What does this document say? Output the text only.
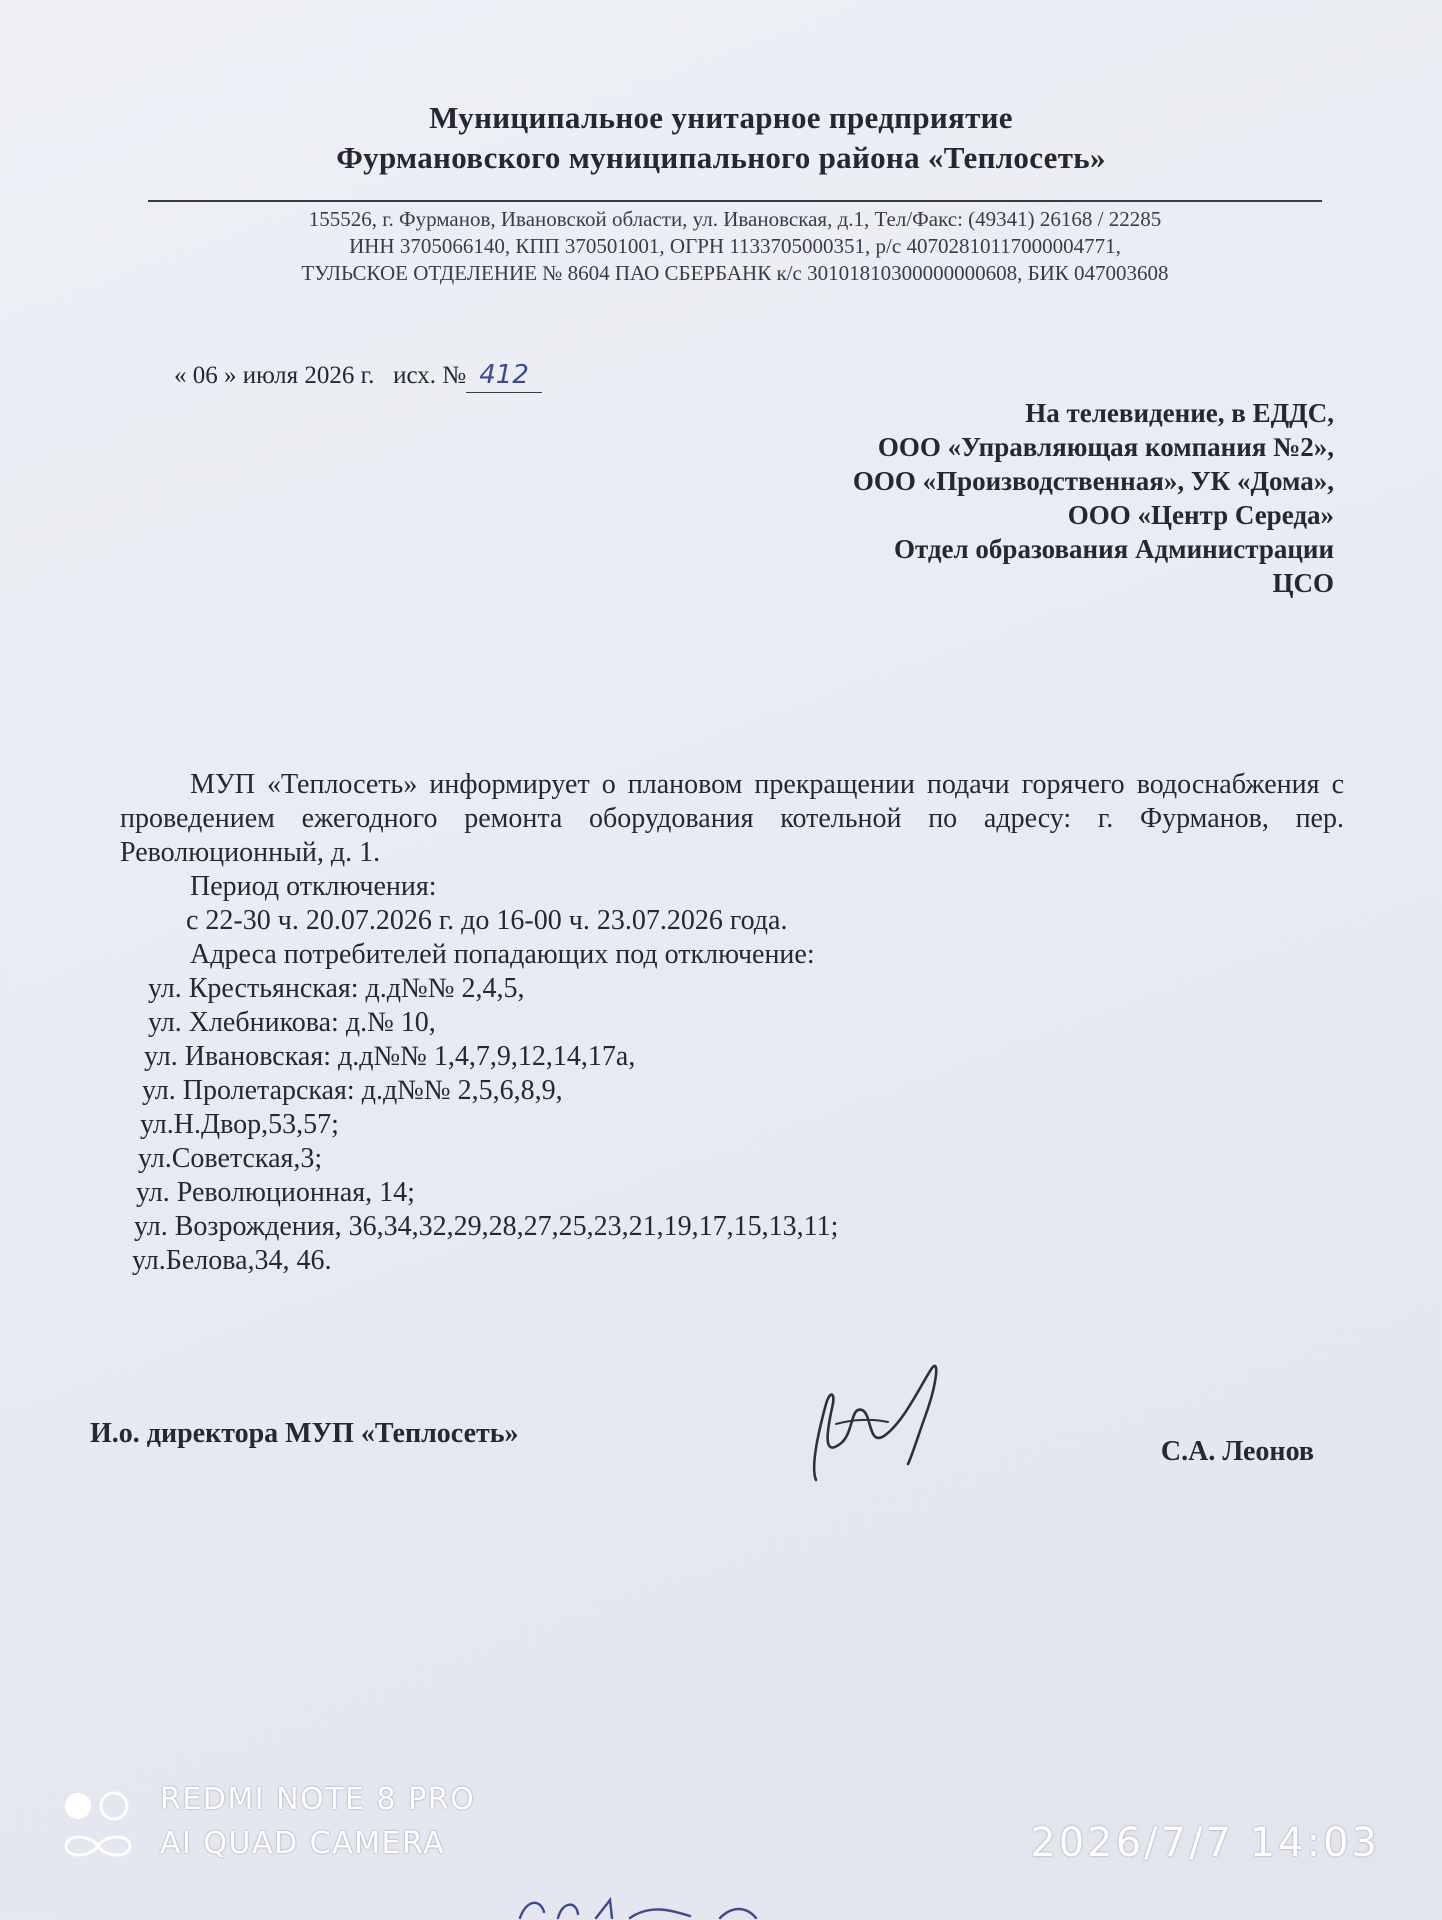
Муниципальное унитарное предприятие
Фурмановского муниципального района «Теплосеть»
155526, г. Фурманов, Ивановской области, ул. Ивановская, д.1, Тел/Факс: (49341) 26168 / 22285
ИНН 3705066140, КПП 370501001, ОГРН 1133705000351, р/с 40702810117000004771,
ТУЛЬСКОЕ ОТДЕЛЕНИЕ № 8604 ПАО СБЕРБАНК к/с 30101810300000000608, БИК 047003608
« 06 » июля 2026 г. исх. № 412
На телевидение, в ЕДДС,
ООО «Управляющая компания №2»,
ООО «Производственная», УК «Дома»,
ООО «Центр Середа»
Отдел образования Администрации
ЦСО

МУП «Теплосеть» информирует о плановом прекращении подачи горячего водоснабжения с проведением ежегодного ремонта оборудования котельной по адресу: г. Фурманов, пер. Революционный, д. 1.

Период отключения:

с 22-30 ч. 20.07.2026 г. до 16-00 ч. 23.07.2026 года.

Адреса потребителей попадающих под отключение:

ул. Крестьянская: д.д№№ 2,4,5,

ул. Хлебникова: д.№ 10,

ул. Ивановская: д.д№№ 1,4,7,9,12,14,17а,

ул. Пролетарская: д.д№№ 2,5,6,8,9,

ул.Н.Двор,53,57;

ул.Советская,3;

ул. Революционная, 14;

ул. Возрождения, 36,34,32,29,28,27,25,23,21,19,17,15,13,11;

ул.Белова,34, 46.

И.о. директора МУП «Теплосеть»
С.А. Леонов
REDMI NOTE 8 PRO
AI QUAD CAMERA	2026/7/7 14:03
